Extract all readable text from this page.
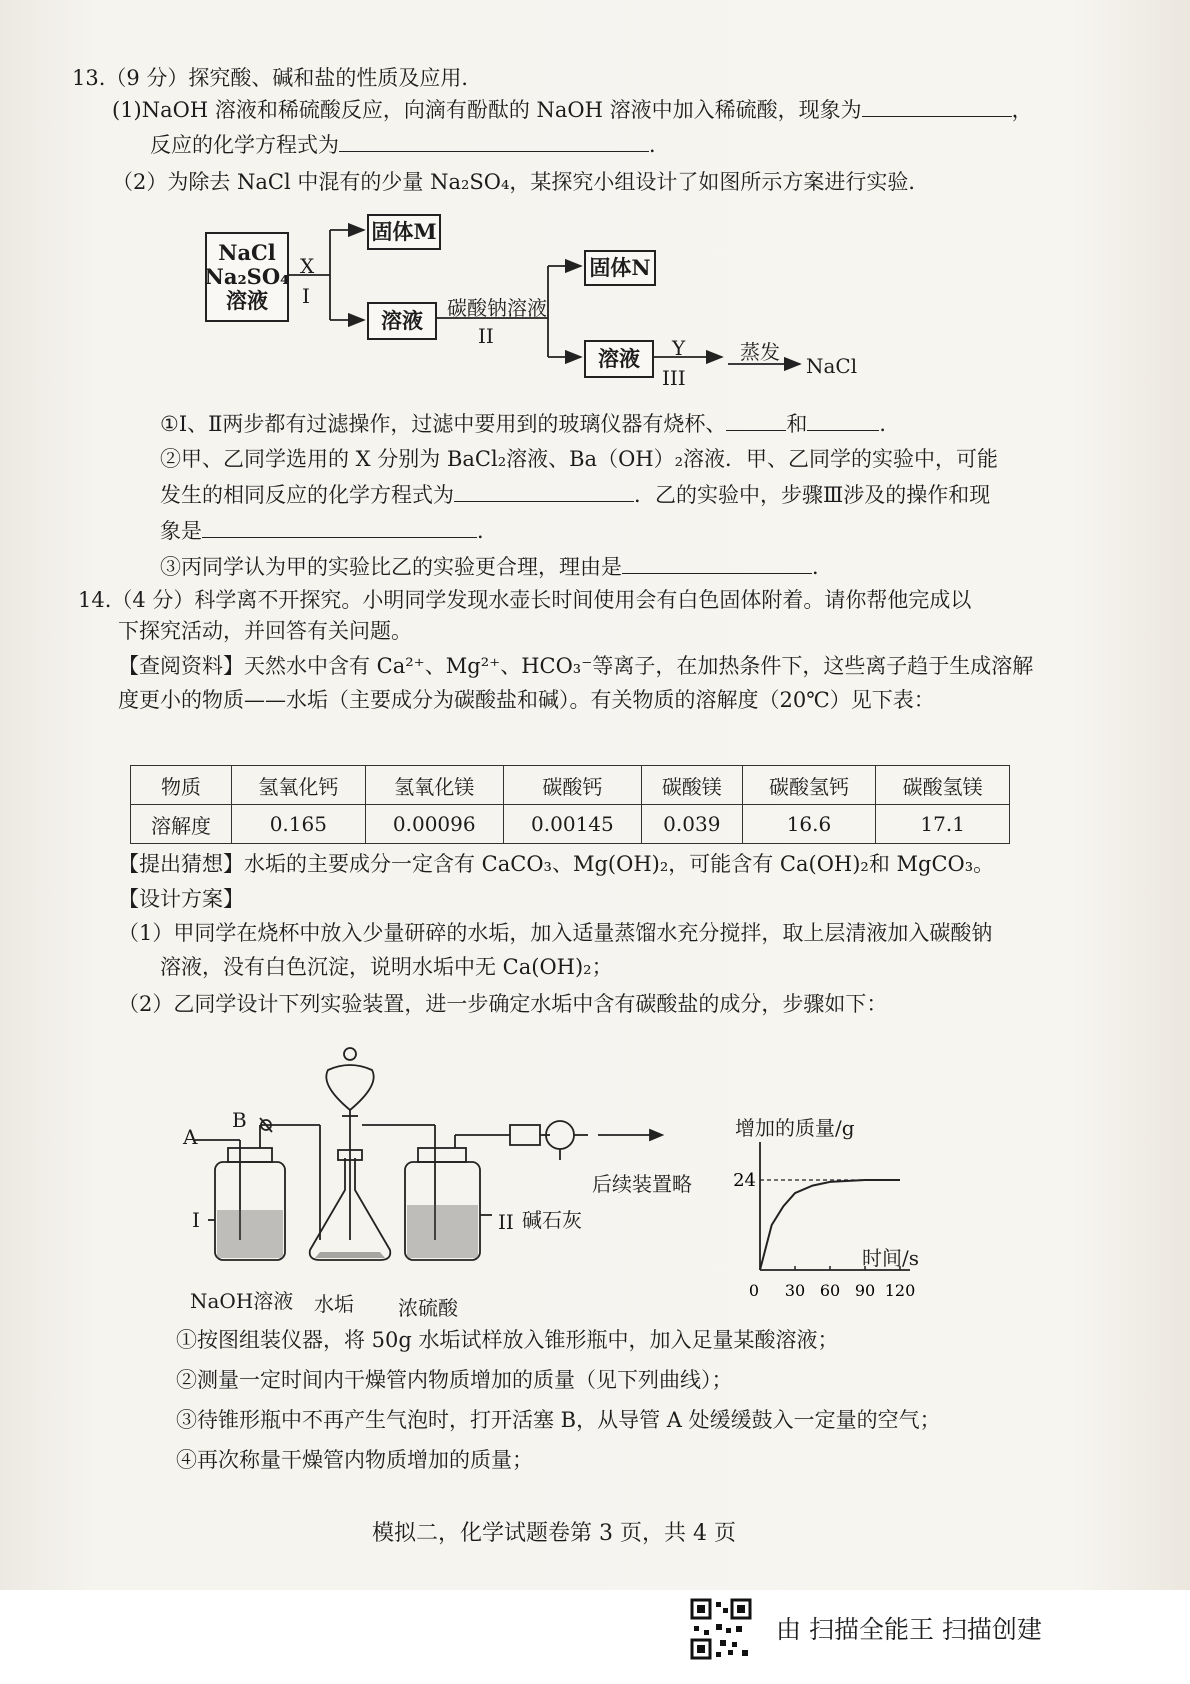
13.（9 分）探究酸、碱和盐的性质及应用．
(1)NaOH 溶液和稀硫酸反应，向滴有酚酞的 NaOH 溶液中加入稀硫酸，现象为	，
反应的化学方程式为	．
（2）为除去 NaCl 中混有的少量 Na₂SO₄，某探究小组设计了如图所示方案进行实验．
NaCl
Na₂SO₄
溶液
固体M
溶液
固体N
溶液
X
I	碳酸钠溶液
II	Y
III
蒸发
NaCl
①Ⅰ、Ⅱ两步都有过滤操作，过滤中要用到的玻璃仪器有烧杯、	和	．
②甲、乙同学选用的 X 分别为 BaCl₂溶液、Ba（OH）₂溶液．甲、乙同学的实验中，可能
发生的相同反应的化学方程式为	．乙的实验中，步骤Ⅲ涉及的操作和现
象是	．
③丙同学认为甲的实验比乙的实验更合理，理由是	．
14.（4 分）科学离不开探究。小明同学发现水壶长时间使用会有白色固体附着。请你帮他完成以
下探究活动，并回答有关问题。
【查阅资料】天然水中含有 Ca²⁺、Mg²⁺、HCO₃⁻等离子，在加热条件下，这些离子趋于生成溶解
度更小的物质——水垢（主要成分为碳酸盐和碱）。有关物质的溶解度（20℃）见下表：
物质	氢氧化钙	氢氧化镁	碳酸钙	碳酸镁	碳酸氢钙	碳酸氢镁
溶解度	0.165	0.00096	0.00145	0.039	16.6	17.1
【提出猜想】水垢的主要成分一定含有 CaCO₃、Mg(OH)₂，可能含有 Ca(OH)₂和 MgCO₃。
【设计方案】
（1）甲同学在烧杯中放入少量研碎的水垢，加入适量蒸馏水充分搅拌，取上层清液加入碳酸钠
溶液，没有白色沉淀，说明水垢中无 Ca(OH)₂；
（2）乙同学设计下列实验装置，进一步确定水垢中含有碳酸盐的成分，步骤如下：
A
B
I	II
NaOH溶液 水垢 浓硫酸
碱石灰
后续装置略
增加的质量/g
时间/s
24
0 30 60 90 120
①按图组装仪器，将 50g 水垢试样放入锥形瓶中，加入足量某酸溶液；
②测量一定时间内干燥管内物质增加的质量（见下列曲线）；
③待锥形瓶中不再产生气泡时，打开活塞 B，从导管 A 处缓缓鼓入一定量的空气；
④再次称量干燥管内物质增加的质量；
模拟二，化学试题卷第 3 页，共 4 页
由 扫描全能王 扫描创建
